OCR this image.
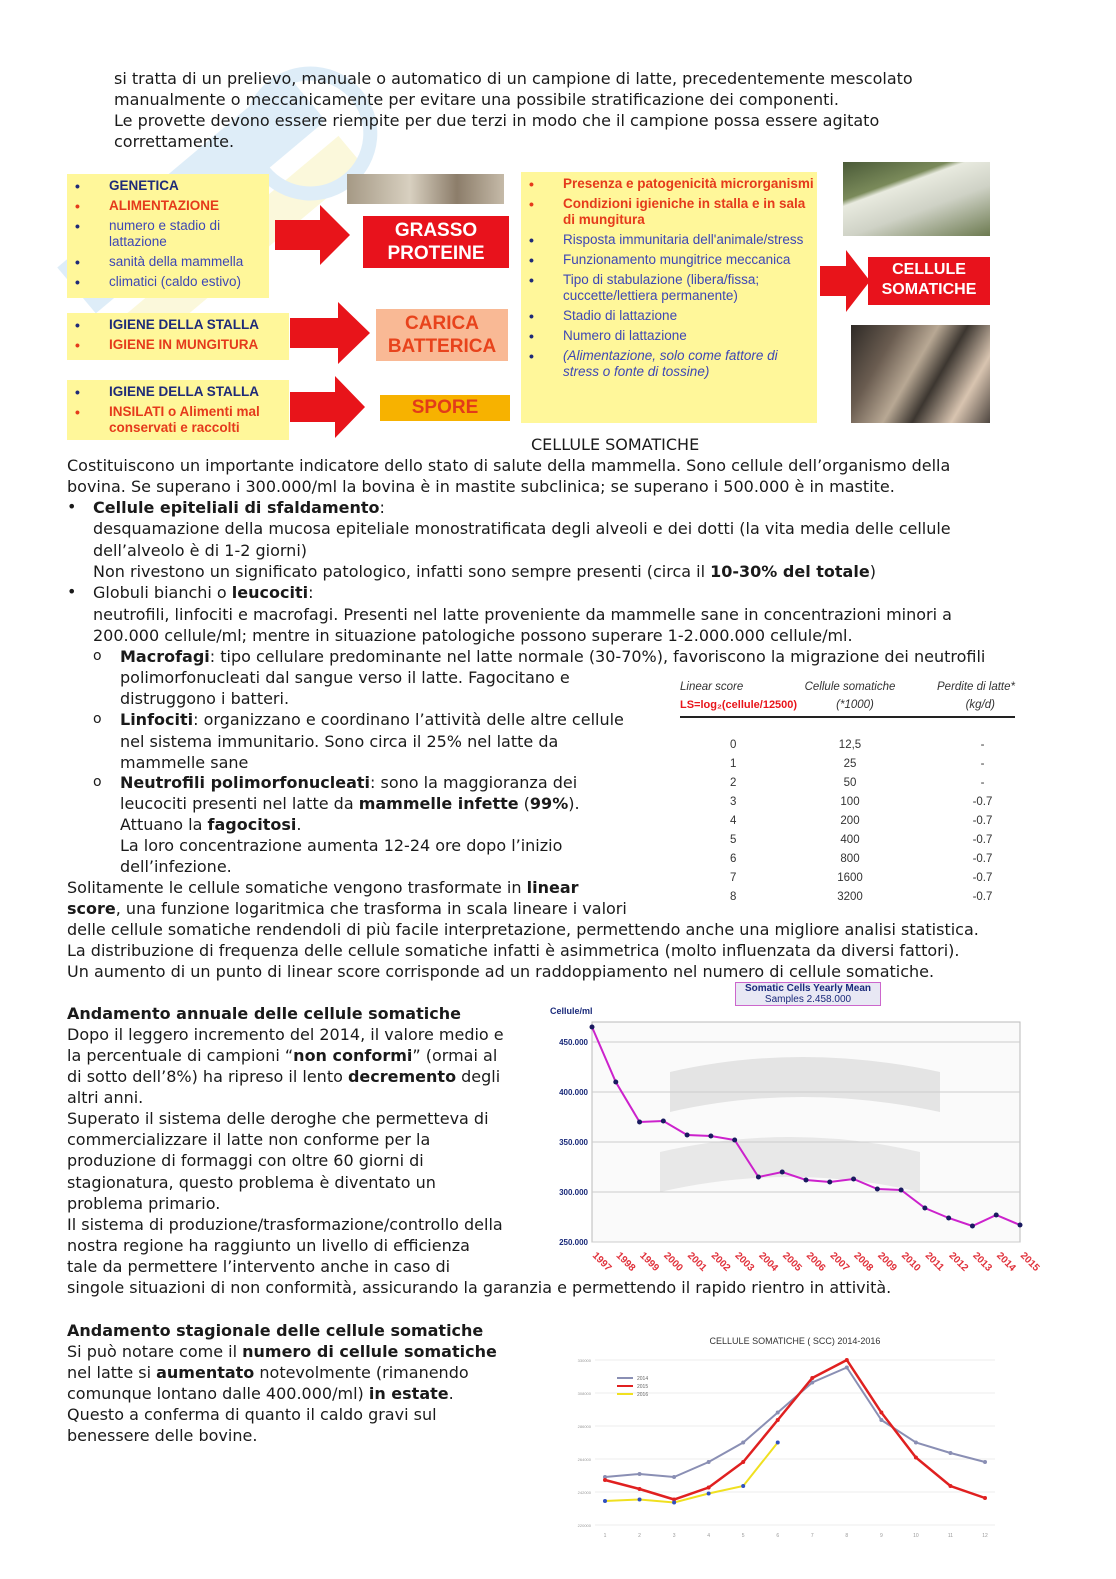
si tratta di un prelievo, manuale o automatico di un campione di latte, precedentemente mescolato
manualmente o meccanicamente per evitare una possibile stratificazione dei componenti.
Le provette devono essere riempite per due terzi in modo che il campione possa essere agitato
correttamente.
• GENETICA
• ALIMENTAZIONE
• numero e stadio di lattazione
• sanità della mammella
• climatici (caldo estivo)
• IGIENE DELLA STALLA
• IGIENE IN MUNGITURA
• IGIENE DELLA STALLA
• INSILATI o Alimenti mal conservati e raccolti
• Presenza e patogenicità microrganismi
• Condizioni igieniche in stalla e in sala di mungitura
• Risposta immunitaria dell'animale/stress
• Funzionamento mungitrice meccanica
• Tipo di stabulazione (libera/fissa; cuccette/lettiera permanente)
• Stadio di lattazione
• Numero di lattazione
• (Alimentazione, solo come fattore di stress o fonte di tossine)
GRASSO
PROTEINE
CARICA
BATTERICA
SPORE
CELLULE
SOMATICHE
CELLULE SOMATICHE
Costituiscono un importante indicatore dello stato di salute della mammella. Sono cellule dell’organismo della
bovina. Se superano i 300.000/ml la bovina è in mastite subclinica; se superano i 500.000 è in mastite.
• Cellule epiteliali di sfaldamento:
desquamazione della mucosa epiteliale monostratificata degli alveoli e dei dotti (la vita media delle cellule
dell’alveolo è di 1-2 giorni)
Non rivestono un significato patologico, infatti sono sempre presenti (circa il 10-30% del totale)
• Globuli bianchi o leucociti:
neutrofili, linfociti e macrofagi. Presenti nel latte proveniente da mammelle sane in concentrazioni minori a
200.000 cellule/ml; mentre in situazione patologiche possono superare 1-2.000.000 cellule/ml.
o Macrofagi: tipo cellulare predominante nel latte normale (30-70%), favoriscono la migrazione dei neutrofili
polimorfonucleati dal sangue verso il latte. Fagocitano e
distruggono i batteri.
o Linfociti: organizzano e coordinano l’attività delle altre cellule
nel sistema immunitario. Sono circa il 25% nel latte da
mammelle sane
o Neutrofili polimorfonucleati: sono la maggioranza dei
leucociti presenti nel latte da mammelle infette (99%).
Attuano la fagocitosi.
La loro concentrazione aumenta 12-24 ore dopo l’inizio
dell’infezione.
Solitamente le cellule somatiche vengono trasformate in linear
score, una funzione logaritmica che trasforma in scala lineare i valori
delle cellule somatiche rendendoli di più facile interpretazione, permettendo anche una migliore analisi statistica.
La distribuzione di frequenza delle cellule somatiche infatti è asimmetrica (molto influenzata da diversi fattori).
Un aumento di un punto di linear score corrisponde ad un raddoppiamento nel numero di cellule somatiche.
Linear score	Cellule somatiche	Perdite di latte*
LS=log₂(cellule/12500)	(*1000)	(kg/d)
0	12,5	-
1	25	-
2	50	-
3	100	-0.7
4	200	-0.7
5	400	-0.7
6	800	-0.7
7	1600	-0.7
8	3200	-0.7
Andamento annuale delle cellule somatiche
Dopo il leggero incremento del 2014, il valore medio e
la percentuale di campioni “non conformi” (ormai al
di sotto dell’8%) ha ripreso il lento decremento degli
altri anni.
Superato il sistema delle deroghe che permetteva di
commercializzare il latte non conforme per la
produzione di formaggi con oltre 60 giorni di
stagionatura, questo problema è diventato un
problema primario.
Il sistema di produzione/trasformazione/controllo della
nostra regione ha raggiunto un livello di efficienza
tale da permettere l’intervento anche in caso di
singole situazioni di non conformità, assicurando la garanzia e permettendo il rapido rientro in attività.
Somatic Cells Yearly Mean
Samples 2.458.000
Cellule/ml
450.000
400.000
350.000
300.000
250.000
1997 1998 1999 2000 2001 2002 2003 2004 2005 2006 2007 2008 2009 2010 2011 2012 2013 2014 2015
Andamento stagionale delle cellule somatiche
Si può notare come il numero di cellule somatiche
nel latte si aumentato notevolmente (rimanendo
comunque lontano dalle 400.000/ml) in estate.
Questo a conferma di quanto il caldo gravi sul
benessere delle bovine.
CELLULE SOMATICHE ( SCC) 2014-2016
220000
242000
264000
286000
308000
330000
2014
2015
2016
1	2	3	4	5	6	7	8	9	10	11	12
